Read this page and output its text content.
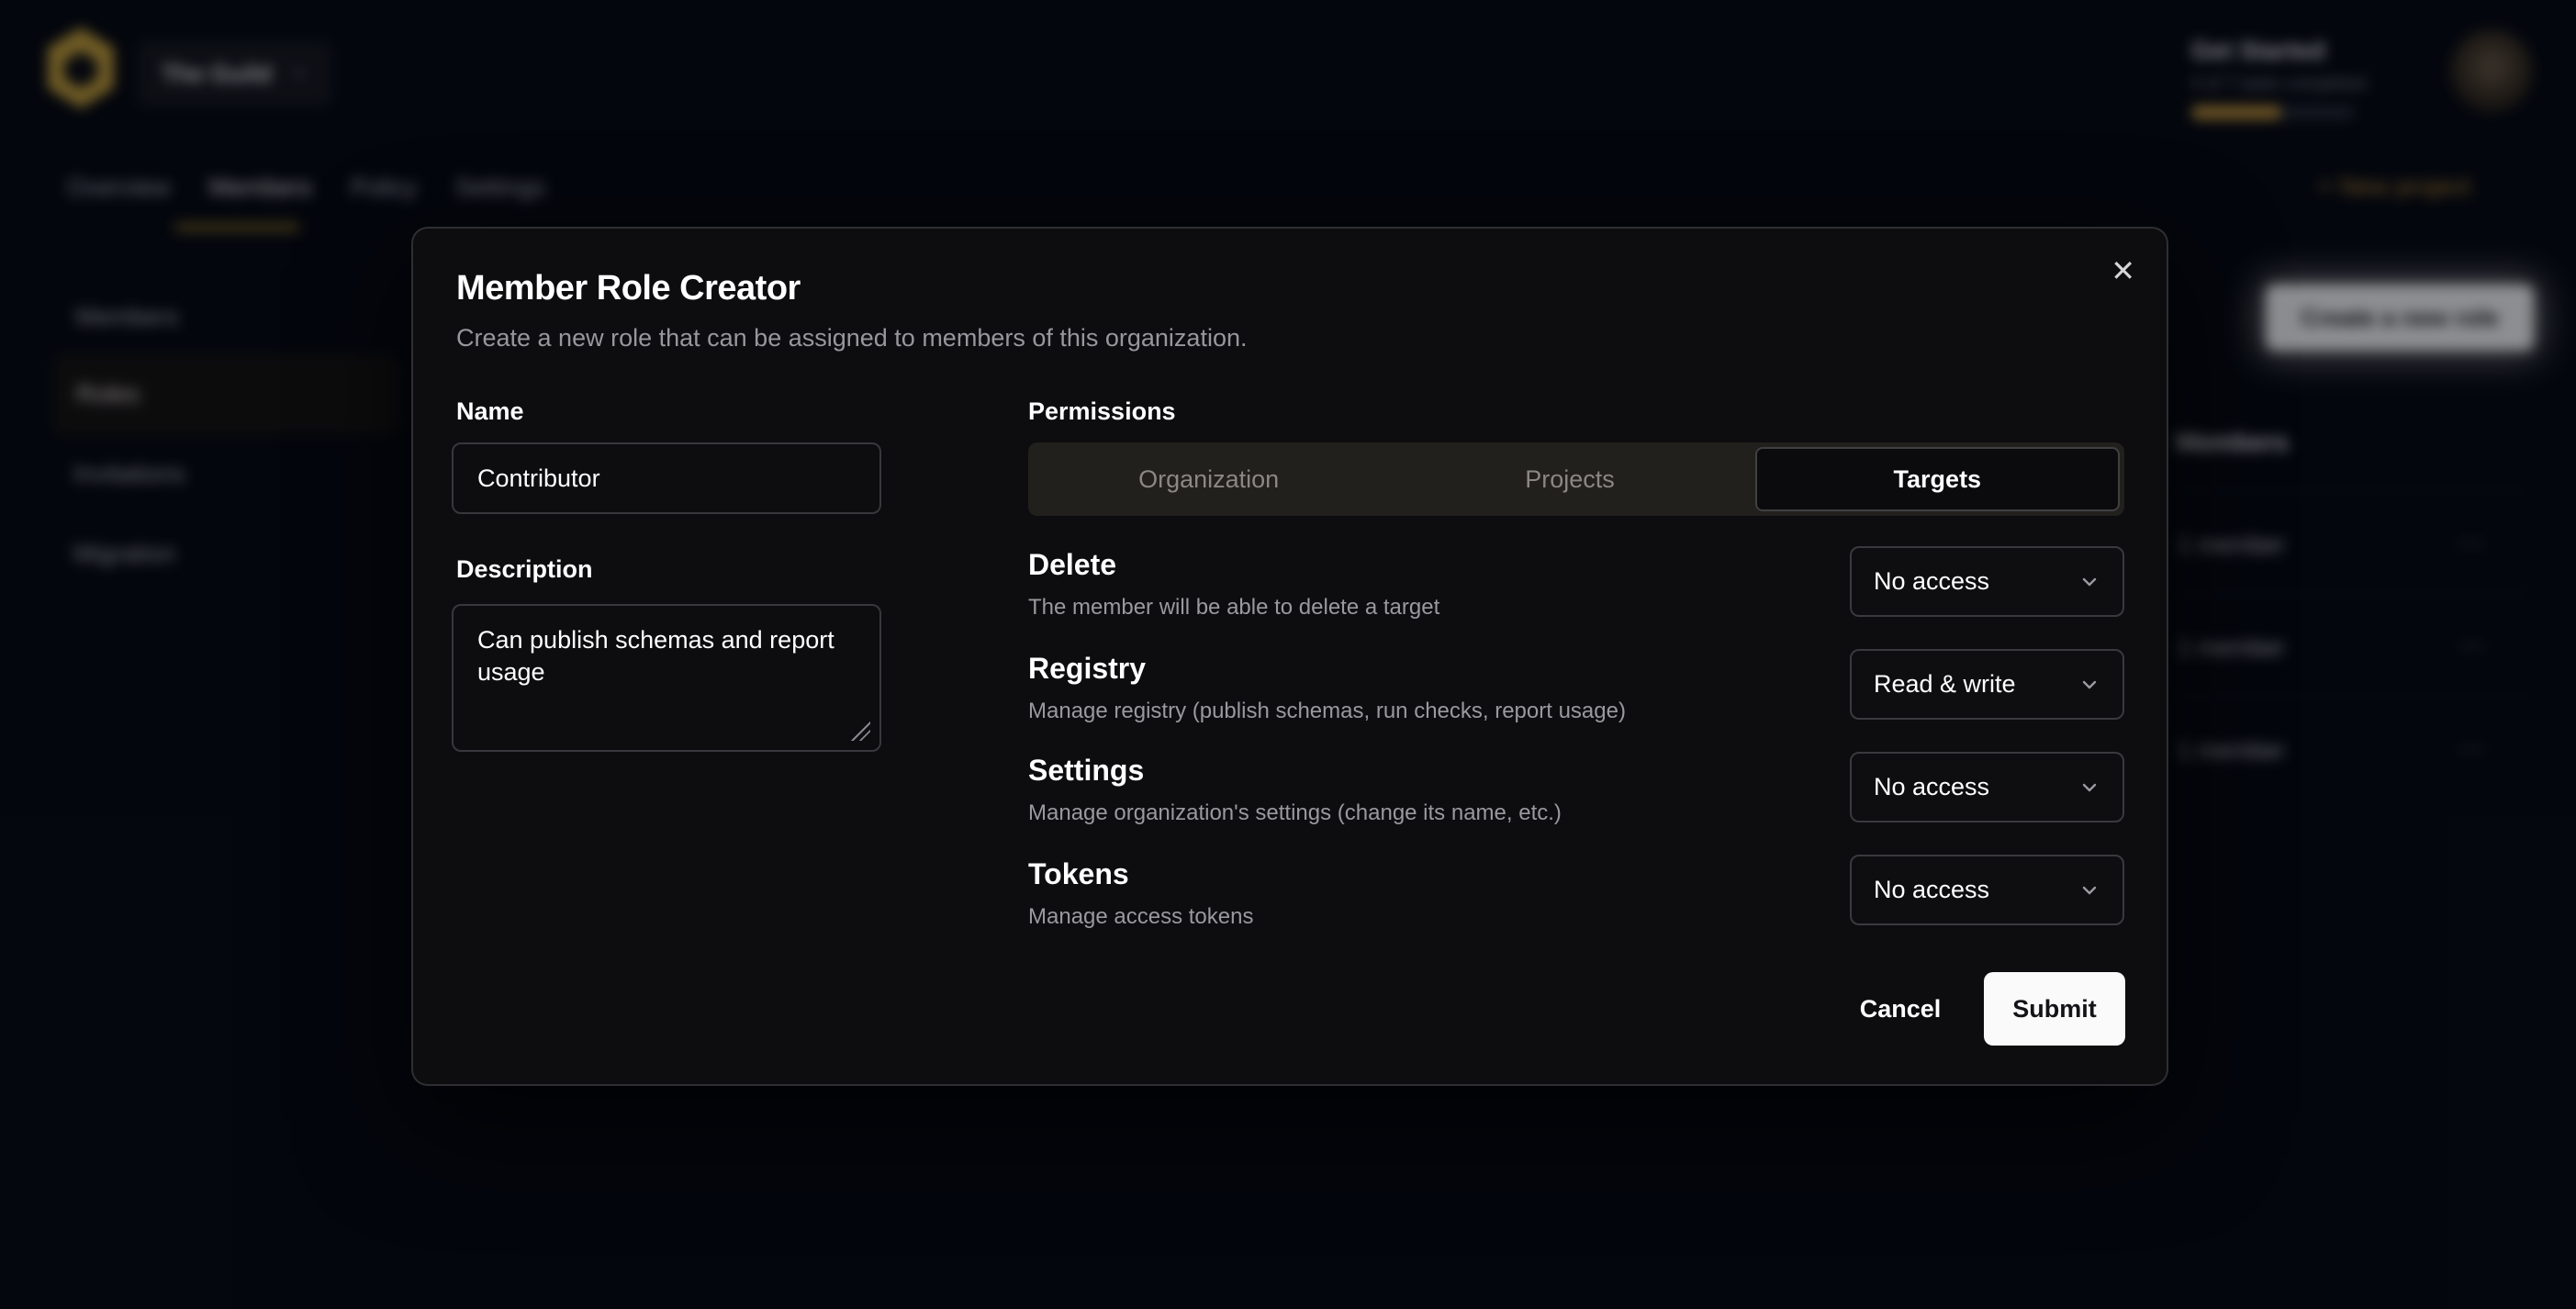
The Guild
Get Started
4 of 7 tasks completed
Overview Members Policy Settings
Members
Roles
Invitations
Migration
+ New project
Create a new role
Members
1 member	⋯
1 member	⋯
1 member	⋯
✕
Member Role Creator
Create a new role that can be assigned to members of this organization.
Name
Contributor
Description
Can publish schemas and report usage
Permissions
Organization	Projects	Targets
Delete
The member will be able to delete a target
No access
Registry
Manage registry (publish schemas, run checks, report usage)
Read & write
Settings
Manage organization's settings (change its name, etc.)
No access
Tokens
Manage access tokens
No access
Cancel	Submit
